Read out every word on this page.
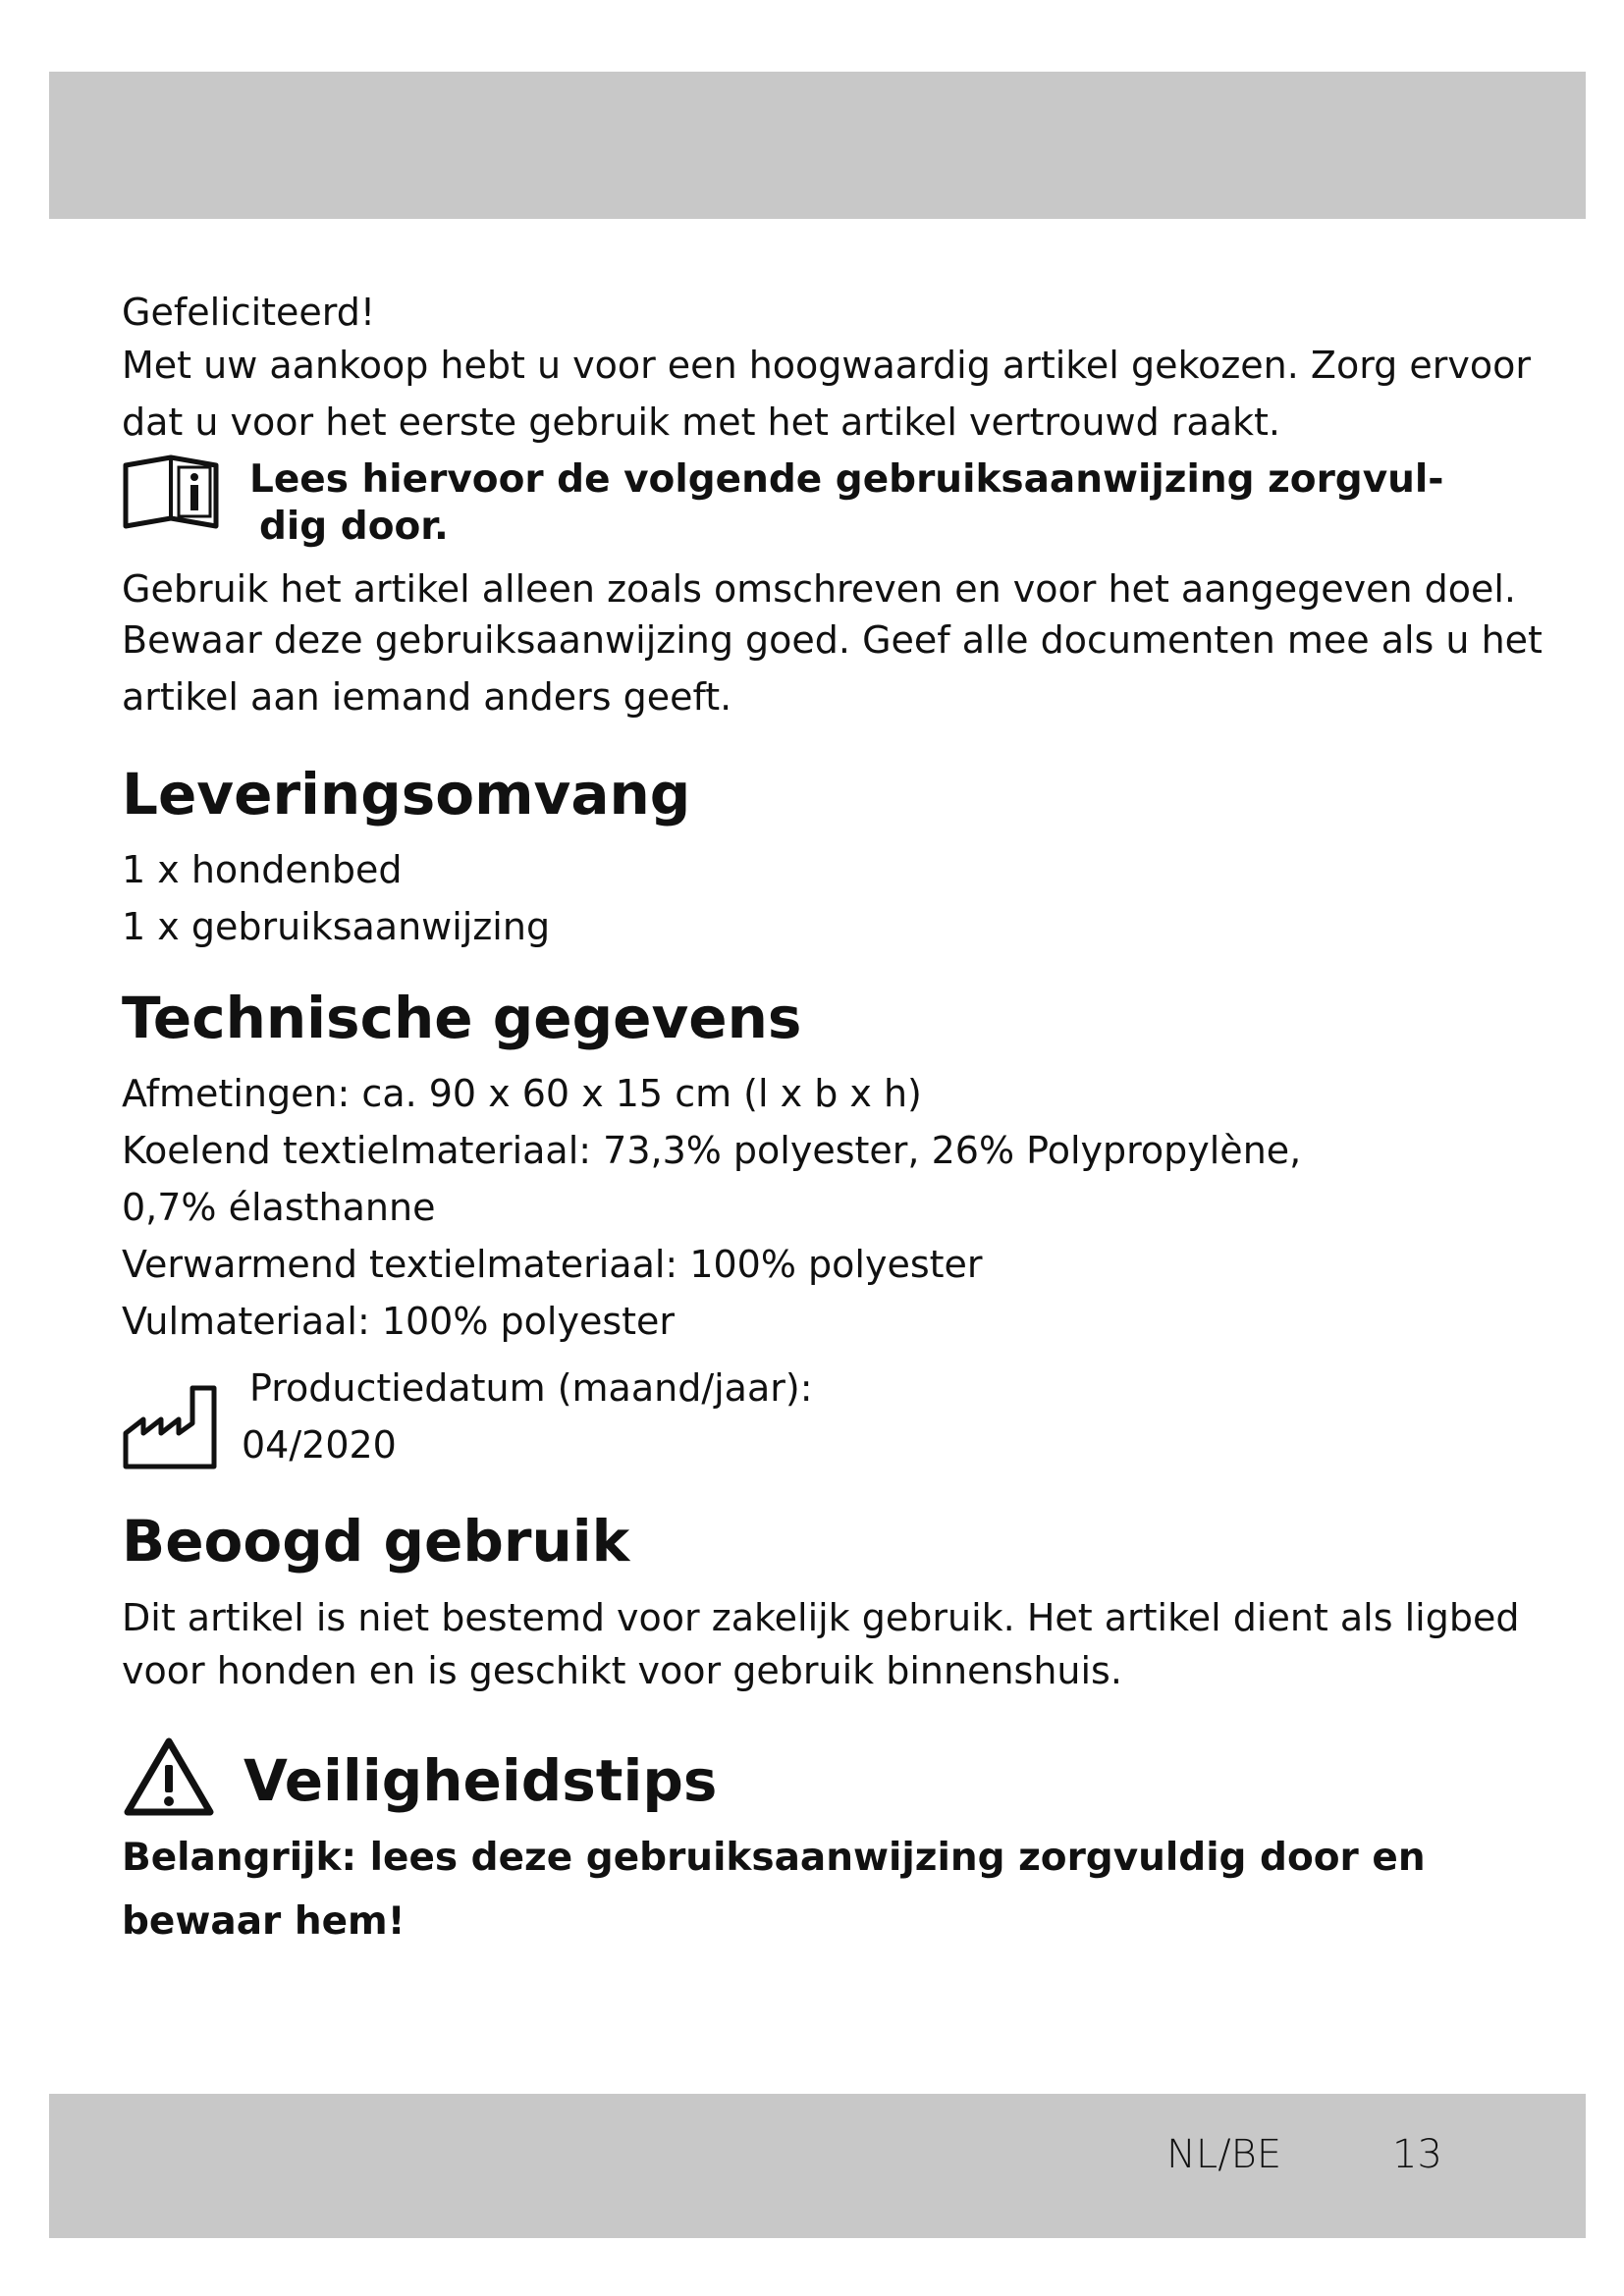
Gefeliciteerd!
Met uw aankoop hebt u voor een hoogwaardig artikel gekozen. Zorg ervoor
dat u voor het eerste gebruik met het artikel vertrouwd raakt.
Lees hiervoor de volgende gebruiksaanwijzing zorgvul-
dig door.
Gebruik het artikel alleen zoals omschreven en voor het aangegeven doel.
Bewaar deze gebruiksaanwijzing goed. Geef alle documenten mee als u het
artikel aan iemand anders geeft.
Leveringsomvang
1 x hondenbed
1 x gebruiksaanwijzing
Technische gegevens
Afmetingen: ca. 90 x 60 x 15 cm (l x b x h)
Koelend textielmateriaal: 73,3% polyester, 26% Polypropylène,
0,7% élasthanne
Verwarmend textielmateriaal: 100% polyester
Vulmateriaal: 100% polyester
Productiedatum (maand/jaar):
04/2020
Beoogd gebruik
Dit artikel is niet bestemd voor zakelijk gebruik. Het artikel dient als ligbed
voor honden en is geschikt voor gebruik binnenshuis.
Veiligheidstips
Belangrijk: lees deze gebruiksaanwijzing zorgvuldig door en
bewaar hem!
NL/BE	13
